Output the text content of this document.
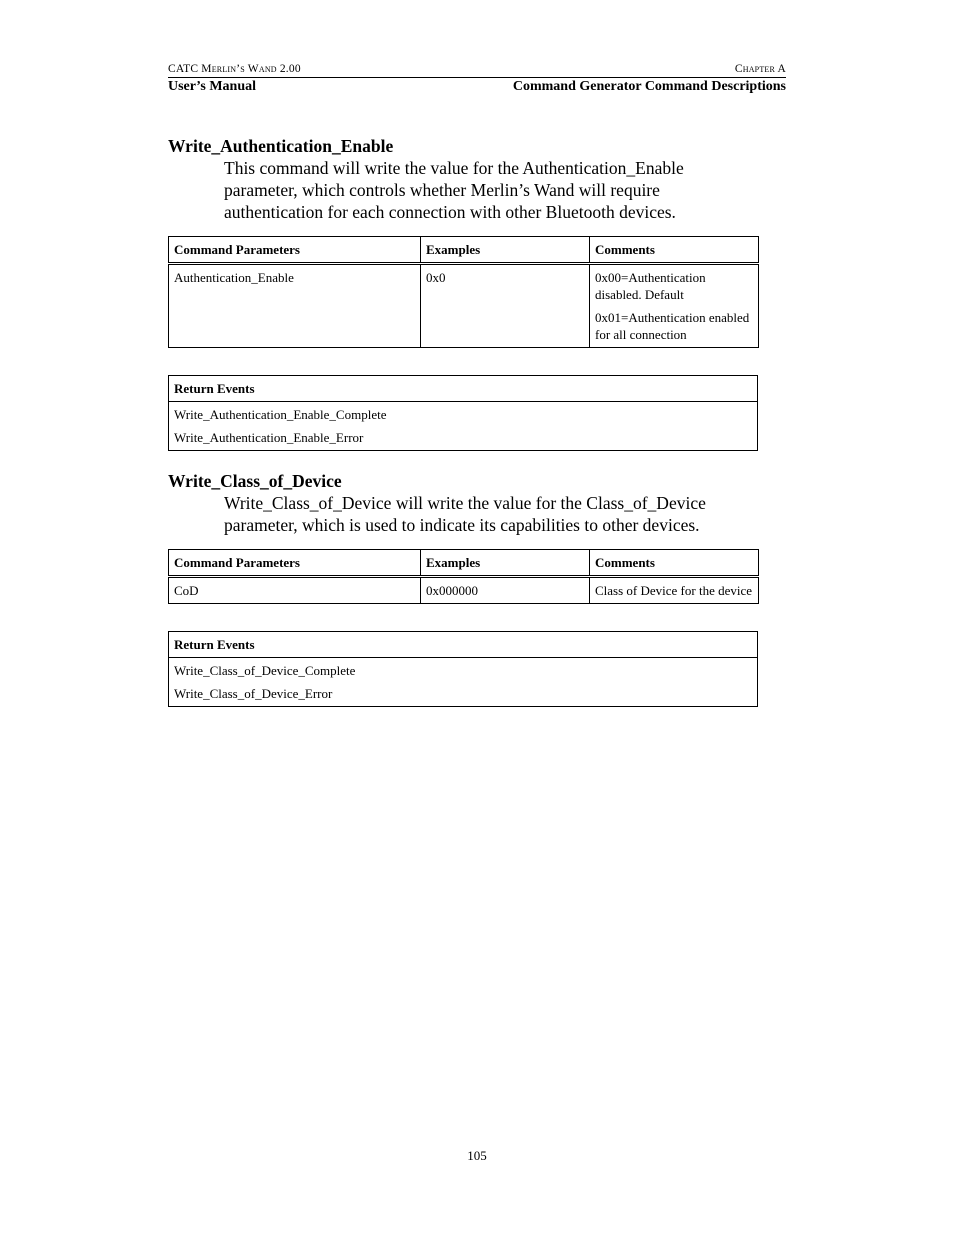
CATC Merlin’s Wand 2.00	Chapter A
User’s Manual	Command Generator Command Descriptions
Write_Authentication_Enable

This command will write the value for the Authentication_Enable parameter, which controls whether Merlin’s Wand will require authentication for each connection with other Bluetooth devices.

Command Parameters	Examples	Comments
Authentication_Enable	0x0	0x00=Authentication disabled. Default

0x01=Authentication enabled for all connection

Return Events
Write_Authentication_Enable_Complete
Write_Authentication_Enable_Error
Write_Class_of_Device

Write_Class_of_Device will write the value for the Class_of_Device parameter, which is used to indicate its capabilities to other devices.

Command Parameters	Examples	Comments
CoD	0x000000	Class of Device for the device

Return Events
Write_Class_of_Device_Complete
Write_Class_of_Device_Error
105
